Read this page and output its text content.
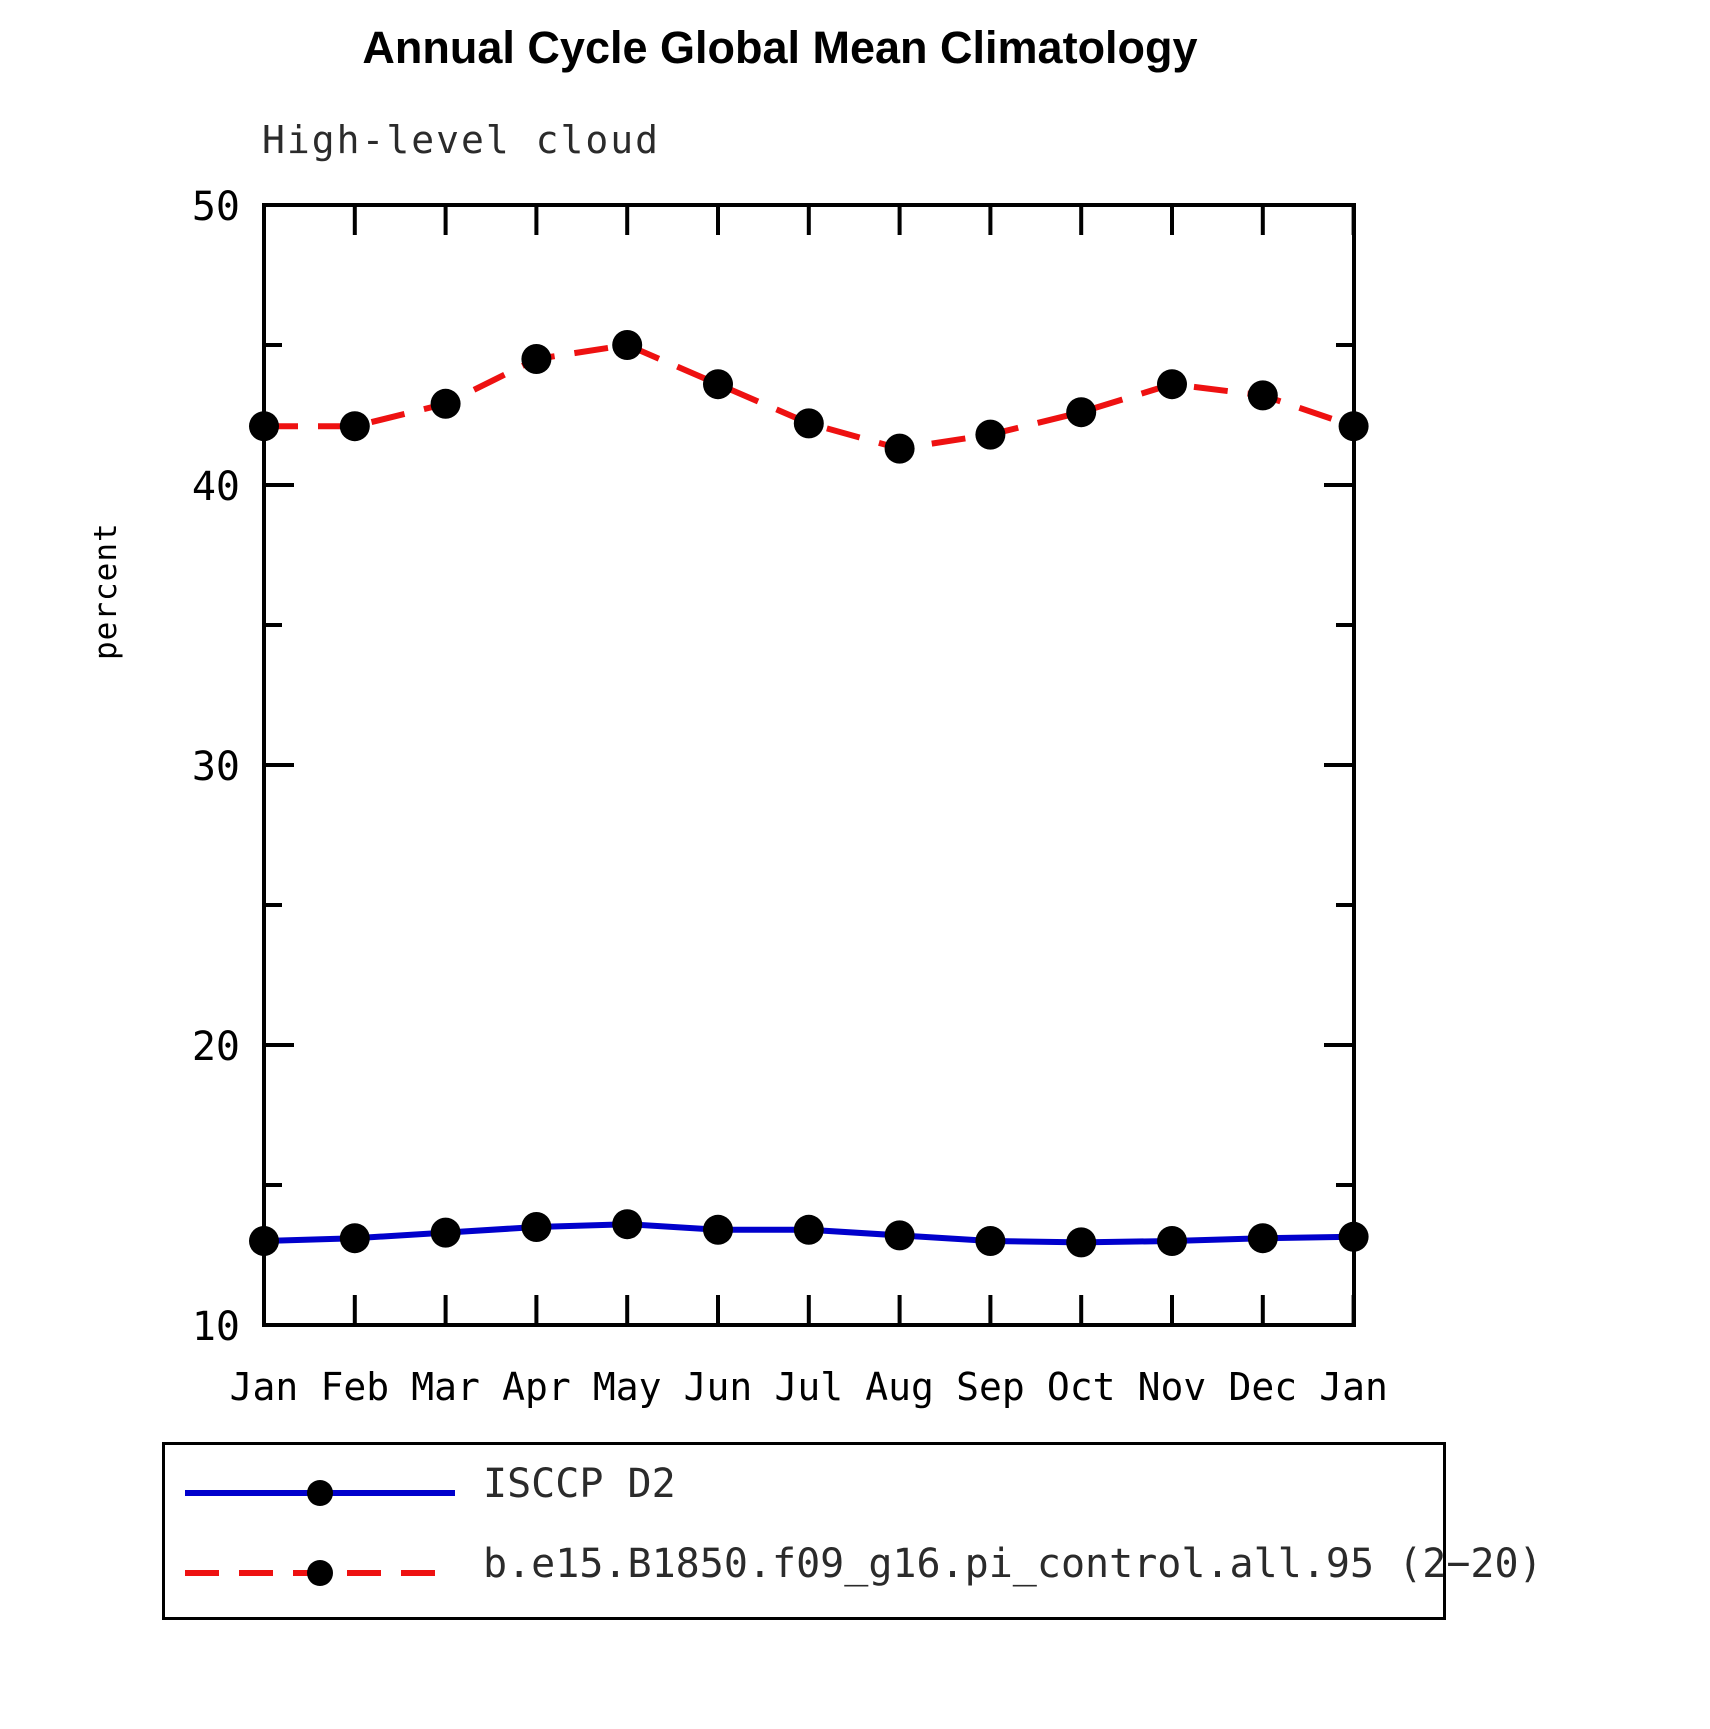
Annual Cycle Global Mean Climatology
High-level cloud
percent
50
40
30
20
10
Jan Feb Mar Apr May Jun Jul Aug Sep Oct Nov Dec Jan
ISCCP D2
b.e15.B1850.f09_g16.pi_control.all.95 (2−20)
